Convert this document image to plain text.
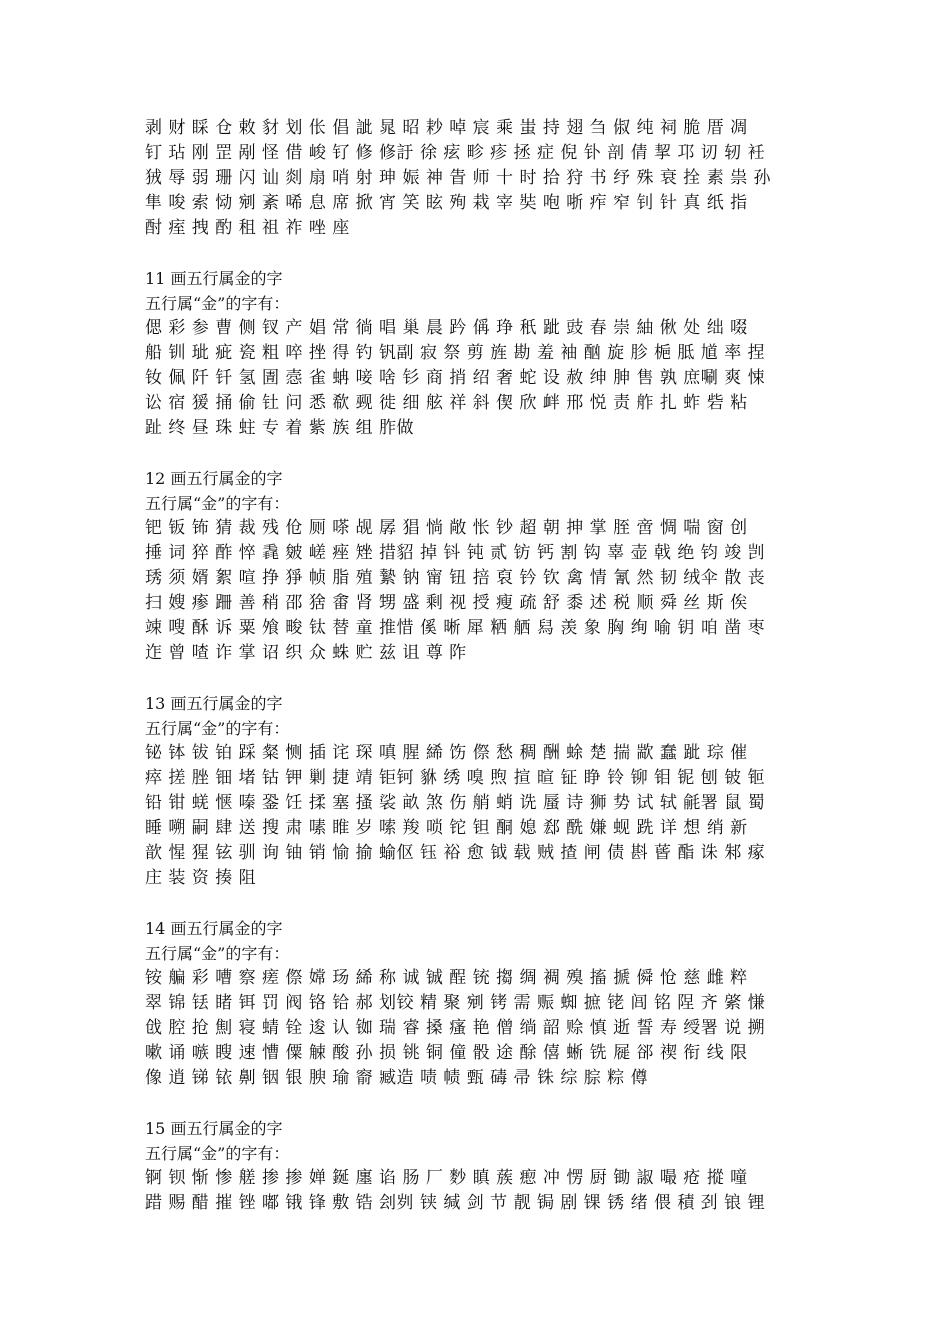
剥 财 睬 仓 敕 豺 划 伥 倡 訿 晁 昭 耖 啅 宸 乘 蚩 持 翅 刍 俶 纯 祠 脆 厝 凋
钉 玷 刚 罡 剐 怪 借 峻 钌 修 修訏 徐 痃 畛 疹 拯 症 倪 钋 剖 倩 挈 邛 讱 轫 衽
狨 辱 弱 珊 闪 讪 剡 扇 哨 射 珅 娠 神 眚 师 十 时 拾 狩 书 纾 殊 衰 拴 素 祟 孙
隼 唆 索 恸 剜 紊 唏 息 席 掀 宵 笑 眩 殉 栽 宰 奘 咆 哳 痄 窄 钊 针 真 纸 指
酎 痓 拽 酌 租 祖 祚 唑 座
11 画五行属金的字
五行属“金”的字有：
偲 彩 参 曹 侧 钗 产 娼 常 徜 唱 巢 晨 趻 偁 琤 秖 跐 豉 春 崇 紬 偢 处 绌 啜
船 钏 玼 疵 瓷 粗 啐 挫 得 钓 钒副 寂 祭 剪 旌 勘 羞 袖 酗 旋 胗 梔 胝 馗 率 捏
钕 佩 阡 钎 氢 圊 悫 雀 蚺 唼 啥 钐 商 捎 绍 奢 蛇 设 赦 绅 胂 售 孰 庶唰 爽 悚
讼 宿 猨 捅 偷 钍 问 悉 欷 觋 徙 细 舷 祥 斜 偰 欣 衅 邢 悦 责 舴 扎 蚱 砦 粘
趾 终 昼 珠 蛀 专 着 紫 族 组 胙做
12 画五行属金的字
五行属“金”的字有：
钯 钣 钸 猜 裁 残 伧 厕 嗏 觇 孱 猖 惝 敞 怅 钞 超 朝 抻 掌 胵 啻 惆 喘 窗 创
捶 词 猝 酢 悴 毳 皴 嵯 痤 矬 措貂 掉 钭 钝 贰 钫 钙 割 钩 辜 壶 戟 绝 钧 竣 剀
琇 须 婿 絮 喧 挣 猙 帧 脂 殖 縶 钠 甯 钮 掊 裒 钤 钦 禽 情 氰 然 韧 绒伞 散 丧
扫 嫂 瘆 跚 善 稍 邵 猞 畬 肾 甥 盛 剩 视 授 瘦 疏 舒 黍 述 税 顺 舜 丝 斯 俟
竦 嗖 酥 诉 粟 飧 畯 钛 替 童 推惜 傒 晰 犀 粞 舾 舄 羡 象 胸 绚 喻 钥 咱 凿 枣
迮 曾 喳 诈 掌 诏 织 众 蛛 贮 兹 诅 尊 阼
13 画五行属金的字
五行属“金”的字有：
铋 钵 钹 铂 踩 粲 恻 插 诧 琛 嗔 腥 絺 饬 傺 愁 稠 酬 蜍 楚 揣 歂 蠢 跐 琮 催
瘁 搓 脞 钿 堵 钴 钾 剿 捷 靖 钜钶 貅 绣 嗅 煦 揎 暄 钲 睁 铃 铆 钼 铌 刨 铍 钷
铅 钳 蜣 惬 嗪 銎 饪 揉 塞 搔 裟 畝 煞 伤 艄 蛸 诜 蜃 诗 狮 势 试 轼 毹署 鼠 蜀
睡 嗍 嗣 肆 送 搜 肃 嗉 睢 岁 嗦 羧 唢 铊 钽 酮 媳 郄 酰 嫌 蚬 跣 详 想 绡 新
歆 惺 猩 铉 驯 询 铀 销 愉 揄 蝓伛 钰 裕 愈 钺 载 贼 揸 闸 债 斟 蒈 酯 诛 邾 瘃
庄 装 资 揍 阻
14 画五行属金的字
五行属“金”的字有：
铵 艑 彩 嘈 察 瘥 傺 嫦 玚 絺 称 诚 铖 酲 铳 搊 绸 裯 殠 搐 搋 僢 怆 慈 雌 粹
翠 锦 铥 睹 铒 罚 阀 铬 铪 郝 划铰 精 聚 剜 铐 需 赈 蜘 摭 铑 闾 铭 陧 齐 綮 慊
戗 腔 抢 劁 寝 蜻 铨 逡 认 铷 瑞 睿 搡 瘙 艳 僧 绱 韶 赊 慎 逝 誓 寿 绶署 说 搠
嗽 诵 嗾 瞍 速 慒 僳 觫 酸 孙 损 铫 铜 僮 骰 途 酴 僖 蜥 铣 屣 郤 禊 衔 线 限
像 逍 锑 铱 劓 铟 银 腴 瑜 窬 臧造 啧 帻 甄 碡 帚 铢 综 腙 粽 僔
15 画五行属金的字
五行属“金”的字有：
锕 钡 惭 惨 艖 掺 掺 婵 鋋 廛 谄 肠 厂 麨 瞋 蔟 瘛 冲 愣 厨 锄 諔 嘬 疮 摐 噇
踖 赐 醋 摧 锉 嘟 锇 锋 敷 锆 刽刿 铗 缄 剑 节 靓 锔 剧 锞 锈 绪 偎 積 刭 锒 锂
